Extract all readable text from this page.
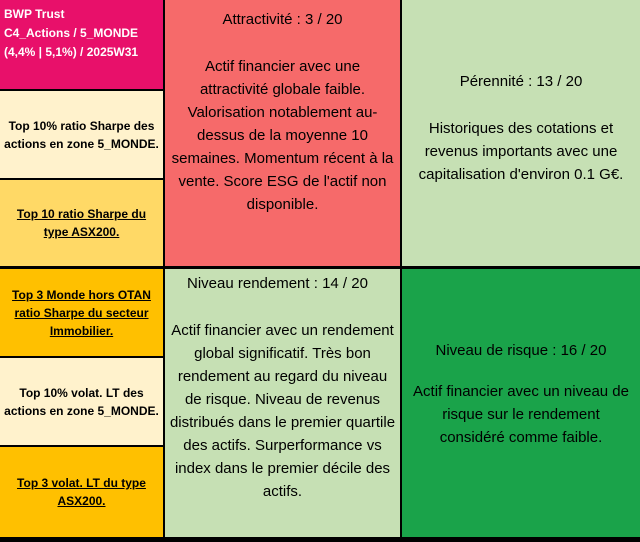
BWP Trust
C4_Actions / 5_MONDE
(4,4% | 5,1%) / 2025W31
Top 10% ratio Sharpe des actions en zone 5_MONDE.
Top 10 ratio Sharpe du type ASX200.
Top 3 Monde hors OTAN ratio Sharpe du secteur Immobilier.
Top 10% volat. LT des actions en zone 5_MONDE.
Top 3 volat. LT du type ASX200.
Attractivité : 3 / 20
Actif financier avec une attractivité globale faible. Valorisation notablement au-dessus de la moyenne 10 semaines. Momentum récent à la vente. Score ESG de l'actif non disponible.
Pérennité : 13 / 20
Historiques des cotations et revenus importants avec une capitalisation d'environ 0.1 G€.
Niveau rendement : 14 / 20
Actif financier avec un rendement global significatif. Très bon rendement au regard du niveau de risque. Niveau de revenus distribués dans le premier quartile des actifs. Surperformance vs index dans le premier décile des actifs.
Niveau de risque : 16 / 20
Actif financier avec un niveau de risque sur le rendement considéré comme faible.
